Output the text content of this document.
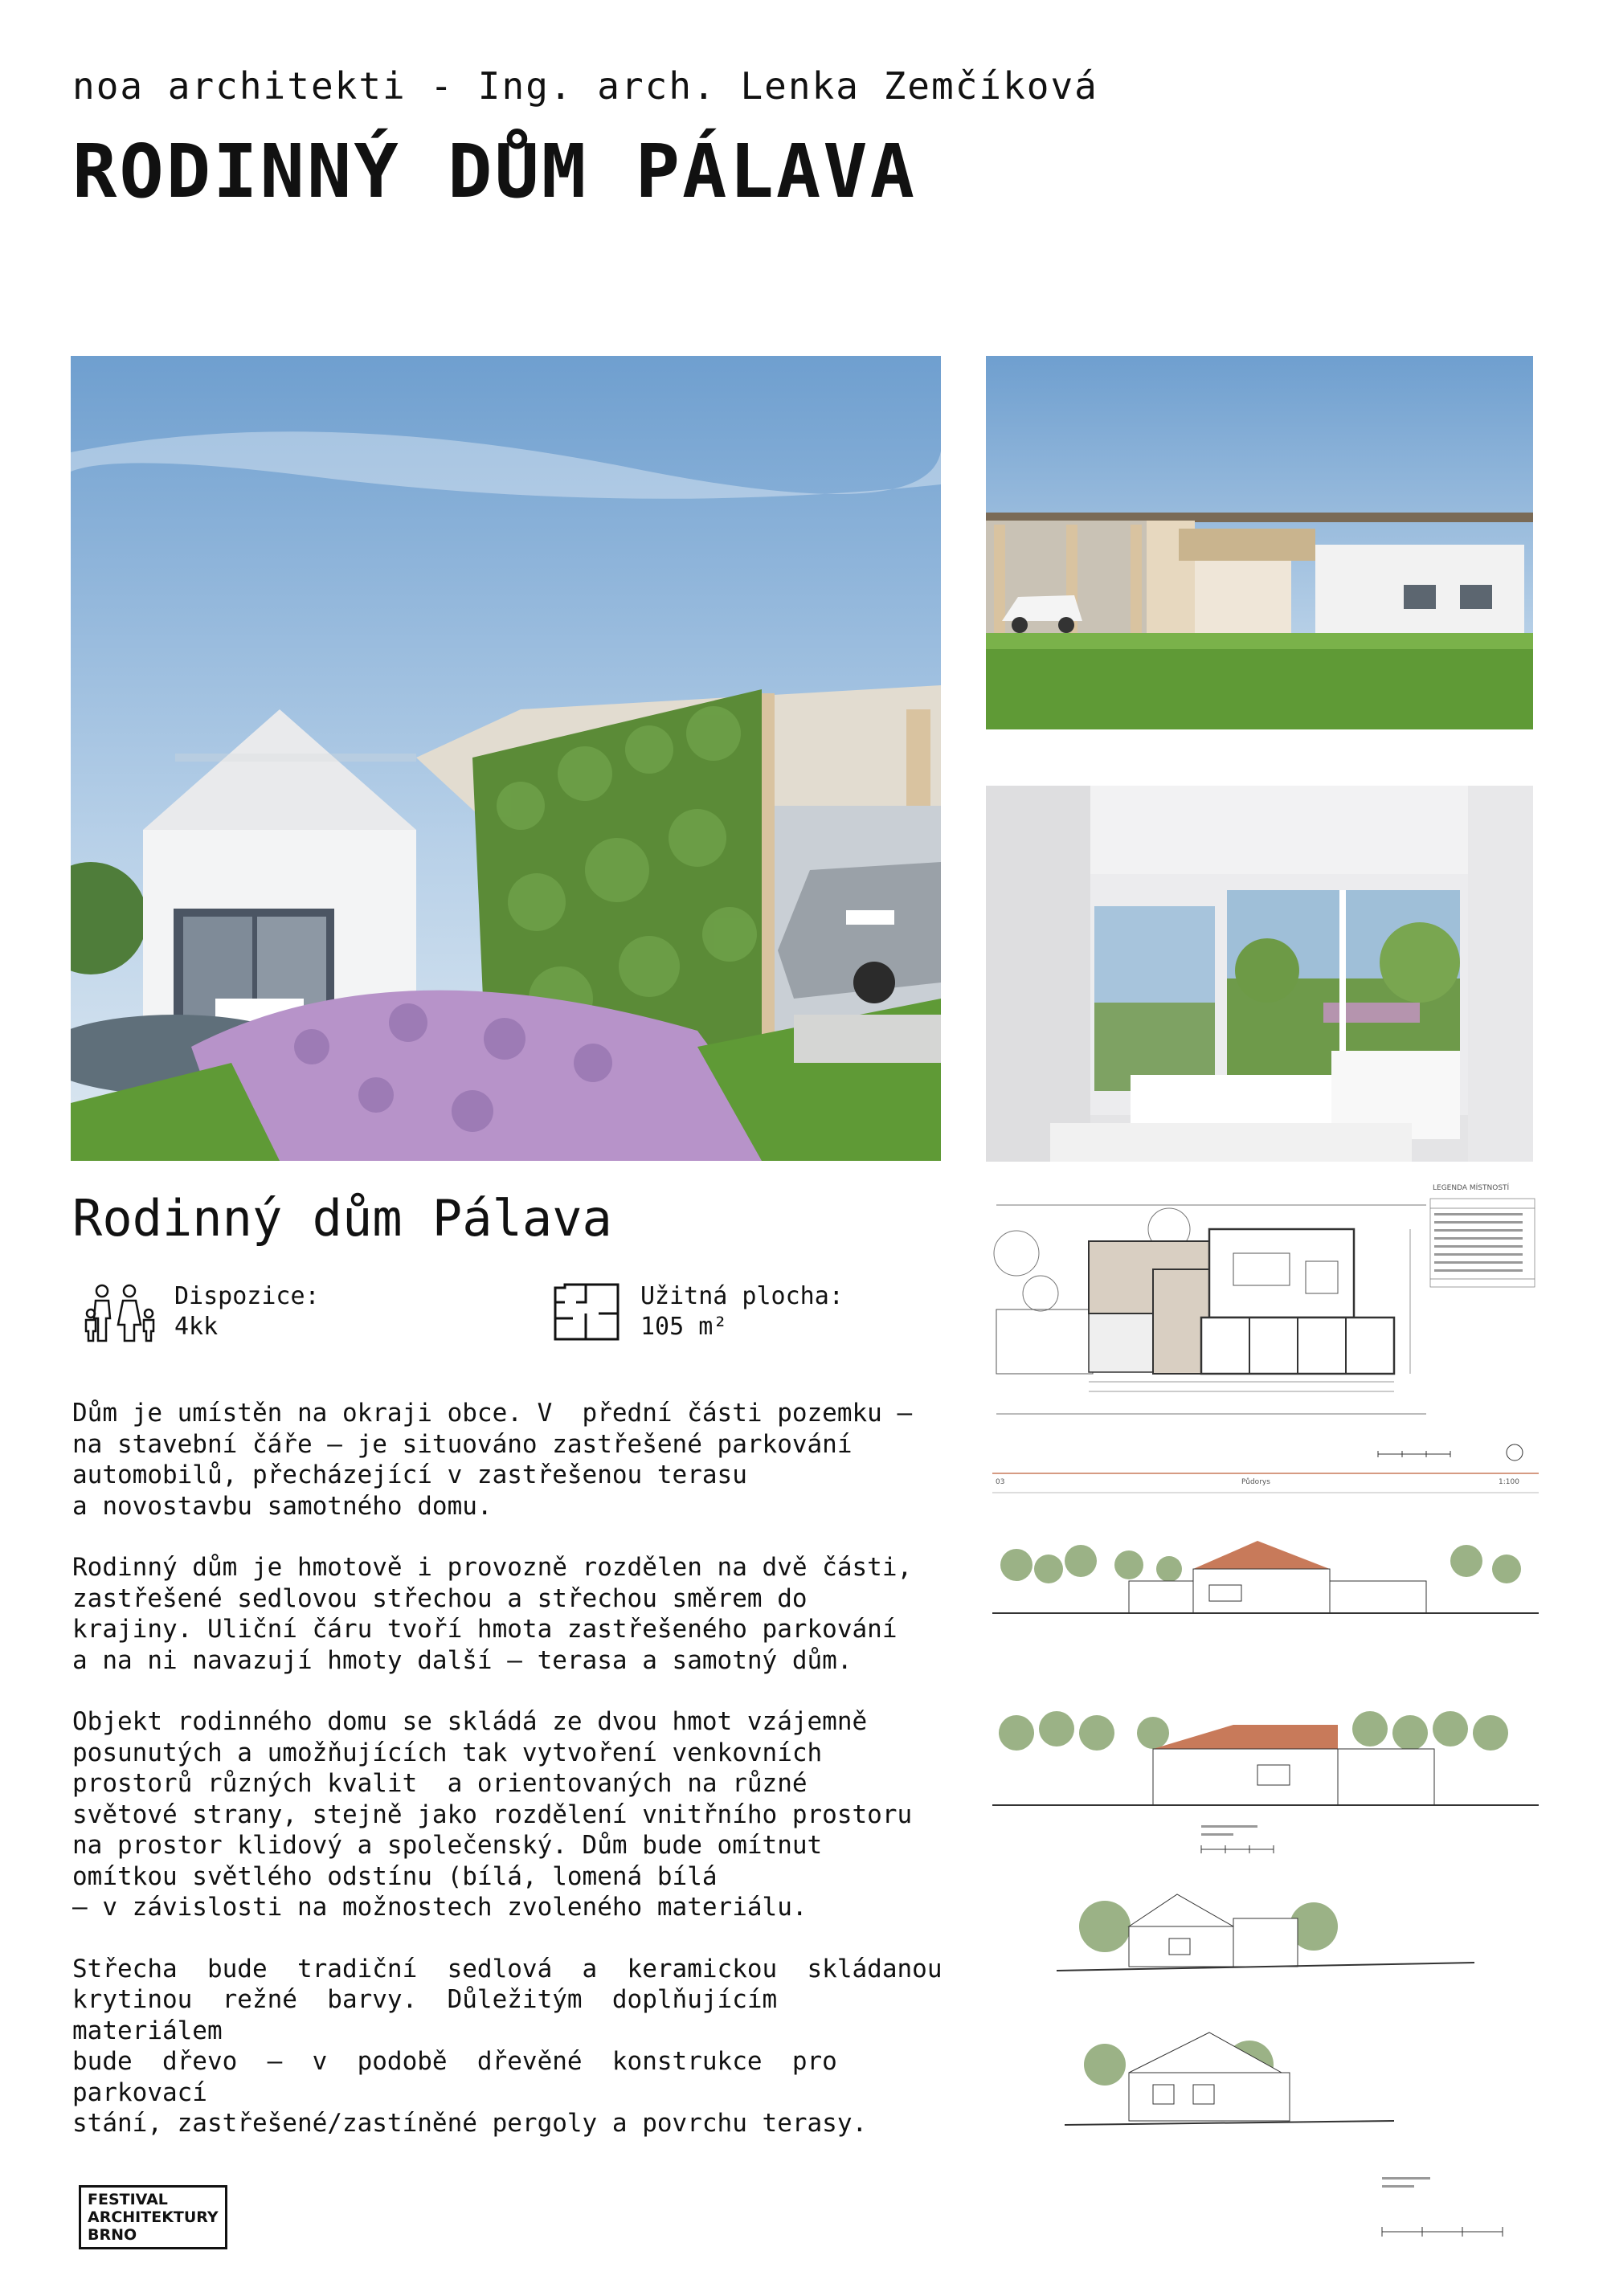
noa architekti - Ing. arch. Lenka Zemčíková
RODINNÝ DŮM PÁLAVA
Rodinný dům Pálava
Dispozice:
4kk
Užitná plocha:
105 m²

Dům je umístěn na okraji obce. V  přední části pozemku –
na stavební čáře – je situováno zastřešené parkování
automobilů, přecházející v zastřešenou terasu
a novostavbu samotného domu.

Rodinný dům je hmotově i provozně rozdělen na dvě části,
zastřešené sedlovou střechou a střechou směrem do
krajiny. Uliční čáru tvoří hmota zastřešeného parkování
a na ni navazují hmoty další – terasa a samotný dům.

Objekt rodinného domu se skládá ze dvou hmot vzájemně
posunutých a umožňujících tak vytvoření venkovních
prostorů různých kvalit  a orientovaných na různé
světové strany, stejně jako rozdělení vnitřního prostoru
na prostor klidový a společenský. Dům bude omítnut
omítkou světlého odstínu (bílá, lomená bílá
– v závislosti na možnostech zvoleného materiálu.

Střecha  bude  tradiční  sedlová  a  keramickou  skládanou
krytinou  režné  barvy.  Důležitým  doplňujícím  materiálem
bude  dřevo  –  v  podobě  dřevěné  konstrukce  pro  parkovací
stání, zastřešené/zastíněné pergoly a povrchu terasy.

LEGENDA MÍSTNOSTÍ
03	Půdorys	1:100
FESTIVAL
ARCHITEKTURY
BRNO
